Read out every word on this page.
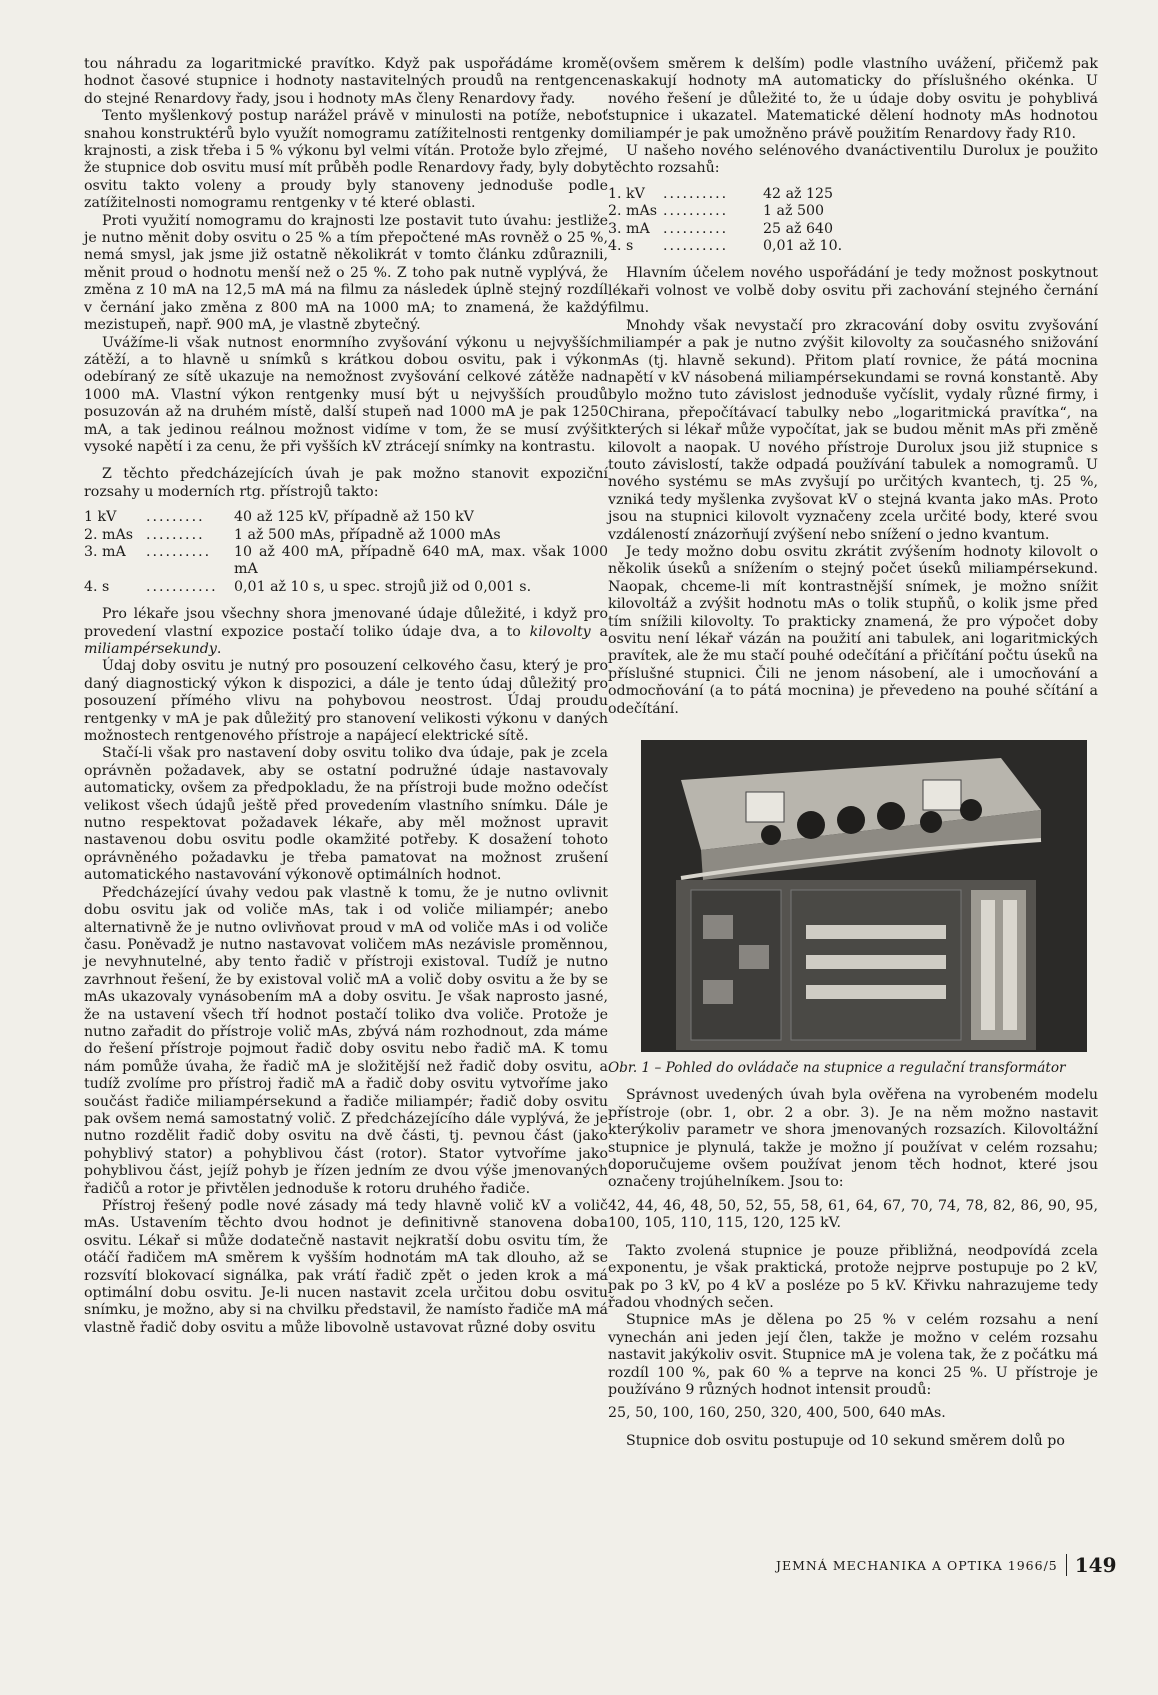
tou náhradu za logaritmické pravítko. Když pak uspořádáme kromě hodnot časové stupnice i hodnoty nastavitelných proudů na rentgence do stejné Renardovy řady, jsou i hodnoty mAs členy Renardovy řady.

Tento myšlenkový postup narážel právě v minulosti na potíže, neboť snahou konstruktérů bylo využít nomogramu zatížitelnosti rentgenky do krajnosti, a zisk třeba i 5 % výkonu byl velmi vítán. Protože bylo zřejmé, že stupnice dob osvitu musí mít průběh podle Renardovy řady, byly doby osvitu takto voleny a proudy byly stanoveny jednoduše podle zatížitelnosti nomogramu rentgenky v té které oblasti.

Proti využití nomogramu do krajnosti lze postavit tuto úvahu: jestliže je nutno měnit doby osvitu o 25 % a tím přepočtené mAs rovněž o 25 %, nemá smysl, jak jsme již ostatně několikrát v tomto článku zdůraznili, měnit proud o hodnotu menší než o 25 %. Z toho pak nutně vyplývá, že změna z 10 mA na 12,5 mA má na filmu za následek úplně stejný rozdíl v černání jako změna z 800 mA na 1000 mA; to znamená, že každý mezistupeň, např. 900 mA, je vlastně zbytečný.

Uvážíme-li však nutnost enormního zvyšování výkonu u nejvyšších zátěží, a to hlavně u snímků s krátkou dobou osvitu, pak i výkon odebíraný ze sítě ukazuje na nemožnost zvyšování celkové zátěže nad 1000 mA. Vlastní výkon rentgenky musí být u nejvyšších proudů posuzován až na druhém místě, další stupeň nad 1000 mA je pak 1250 mA, a tak jedinou reálnou možnost vidíme v tom, že se musí zvýšit vysoké napětí i za cenu, že při vyšších kV ztrácejí snímky na kontrastu.

Z těchto předcházejících úvah je pak možno stanovit expoziční rozsahy u moderních rtg. přístrojů takto:

1 kV	.........	40 až 125 kV, případně až 150 kV
2. mAs	.........	1 až 500 mAs, případně až 1000 mAs
3. mA	..........	10 až 400 mA, případně 640 mA, max. však 1000 mA
4. s	...........	0,01 až 10 s, u spec. strojů již od 0,001 s.

Pro lékaře jsou všechny shora jmenované údaje důležité, i když pro provedení vlastní expozice postačí toliko údaje dva, a to kilovolty a miliampérsekundy.

Údaj doby osvitu je nutný pro posouzení celkového času, který je pro daný diagnostický výkon k dispozici, a dále je tento údaj důležitý pro posouzení přímého vlivu na pohybovou neostrost. Údaj proudu rentgenky v mA je pak důležitý pro stanovení velikosti výkonu v daných možnostech rentgenového přístroje a napájecí elektrické sítě.

Stačí-li však pro nastavení doby osvitu toliko dva údaje, pak je zcela oprávněn požadavek, aby se ostatní podružné údaje nastavovaly automaticky, ovšem za předpokladu, že na přístroji bude možno odečíst velikost všech údajů ještě před provedením vlastního snímku. Dále je nutno respektovat požadavek lékaře, aby měl možnost upravit nastavenou dobu osvitu podle okamžité potřeby. K dosažení tohoto oprávněného požadavku je třeba pamatovat na možnost zrušení automatického nastavování výkonově optimálních hodnot.

Předcházející úvahy vedou pak vlastně k tomu, že je nutno ovlivnit dobu osvitu jak od voliče mAs, tak i od voliče miliampér; anebo alternativně že je nutno ovlivňovat proud v mA od voliče mAs i od voliče času. Poněvadž je nutno nastavovat voličem mAs nezávisle proměnnou, je nevyhnutelné, aby tento řadič v přístroji existoval. Tudíž je nutno zavrhnout řešení, že by existoval volič mA a volič doby osvitu a že by se mAs ukazovaly vynásobením mA a doby osvitu. Je však naprosto jasné, že na ustavení všech tří hodnot postačí toliko dva voliče. Protože je nutno zařadit do přístroje volič mAs, zbývá nám rozhodnout, zda máme do řešení přístroje pojmout řadič doby osvitu nebo řadič mA. K tomu nám pomůže úvaha, že řadič mA je složitější než řadič doby osvitu, a tudíž zvolíme pro přístroj řadič mA a řadič doby osvitu vytvoříme jako součást řadiče miliampérsekund a řadiče miliampér; řadič doby osvitu pak ovšem nemá samostatný volič. Z předcházejícího dále vyplývá, že je nutno rozdělit řadič doby osvitu na dvě části, tj. pevnou část (jako pohyblivý stator) a pohyblivou část (rotor). Stator vytvoříme jako pohyblivou část, jejíž pohyb je řízen jedním ze dvou výše jmenovaných řadičů a rotor je přivtělen jednoduše k rotoru druhého řadiče.

Přístroj řešený podle nové zásady má tedy hlavně volič kV a volič mAs. Ustavením těchto dvou hodnot je definitivně stanovena doba osvitu. Lékař si může dodatečně nastavit nejkratší dobu osvitu tím, že otáčí řadičem mA směrem k vyšším hodnotám mA tak dlouho, až se rozsvítí blokovací signálka, pak vrátí řadič zpět o jeden krok a má optimální dobu osvitu. Je-li nucen nastavit zcela určitou dobu osvitu snímku, je možno, aby si na chvilku představil, že namísto řadiče mA má vlastně řadič doby osvitu a může libovolně ustavovat různé doby osvitu

(ovšem směrem k delším) podle vlastního uvážení, přičemž pak naskakují hodnoty mA automaticky do příslušného okénka. U nového řešení je důležité to, že u údaje doby osvitu je pohyblivá stupnice i ukazatel. Matematické dělení hodnoty mAs hodnotou miliampér je pak umožněno právě použitím Renardovy řady R10.

U našeho nového selénového dvanáctiventilu Durolux je použito těchto rozsahů:

1. kV	..........	42 až 125
2. mAs	..........	1 až 500
3. mA	..........	25 až 640
4. s	..........	0,01 až 10.

Hlavním účelem nového uspořádání je tedy možnost poskytnout lékaři volnost ve volbě doby osvitu při zachování stejného černání filmu.

Mnohdy však nevystačí pro zkracování doby osvitu zvyšování miliampér a pak je nutno zvýšit kilovolty za současného snižování mAs (tj. hlavně sekund). Přitom platí rovnice, že pátá mocnina napětí v kV násobená miliampérsekundami se rovná konstantě. Aby bylo možno tuto závislost jednoduše vyčíslit, vydaly různé firmy, i Chirana, přepočítávací tabulky nebo „logaritmická pravítka“, na kterých si lékař může vypočítat, jak se budou měnit mAs při změně kilovolt a naopak. U nového přístroje Durolux jsou již stupnice s touto závislostí, takže odpadá používání tabulek a nomogramů. U nového systému se mAs zvyšují po určitých kvantech, tj. 25 %, vzniká tedy myšlenka zvyšovat kV o stejná kvanta jako mAs. Proto jsou na stupnici kilovolt vyznačeny zcela určité body, které svou vzdáleností znázorňují zvýšení nebo snížení o jedno kvantum.

Je tedy možno dobu osvitu zkrátit zvýšením hodnoty kilovolt o několik úseků a snížením o stejný počet úseků miliampérsekund. Naopak, chceme-li mít kontrastnější snímek, je možno snížit kilovoltáž a zvýšit hodnotu mAs o tolik stupňů, o kolik jsme před tím snížili kilovolty. To prakticky znamená, že pro výpočet doby osvitu není lékař vázán na použití ani tabulek, ani logaritmických pravítek, ale že mu stačí pouhé odečítání a přičítání počtu úseků na příslušné stupnici. Čili ne jenom násobení, ale i umocňování a odmocňování (a to pátá mocnina) je převedeno na pouhé sčítání a odečítání.

Obr. 1 – Pohled do ovládače na stupnice a regulační transformátor

Správnost uvedených úvah byla ověřena na vyrobeném modelu přístroje (obr. 1, obr. 2 a obr. 3). Je na něm možno nastavit kterýkoliv parametr ve shora jmenovaných rozsazích. Kilovoltážní stupnice je plynulá, takže je možno jí používat v celém rozsahu; doporučujeme ovšem používat jenom těch hodnot, které jsou označeny trojúhelníkem. Jsou to:

42, 44, 46, 48, 50, 52, 55, 58, 61, 64, 67, 70, 74, 78, 82, 86, 90, 95, 100, 105, 110, 115, 120, 125 kV.

Takto zvolená stupnice je pouze přibližná, neodpovídá zcela exponentu, je však praktická, protože nejprve postupuje po 2 kV, pak po 3 kV, po 4 kV a posléze po 5 kV. Křivku nahrazujeme tedy řadou vhodných sečen.

Stupnice mAs je dělena po 25 % v celém rozsahu a není vynechán ani jeden její člen, takže je možno v celém rozsahu nastavit jakýkoliv osvit. Stupnice mA je volena tak, že z počátku má rozdíl 100 %, pak 60 % a teprve na konci 25 %. U přístroje je používáno 9 různých hodnot intensit proudů:

25, 50, 100, 160, 250, 320, 400, 500, 640 mAs.

Stupnice dob osvitu postupuje od 10 sekund směrem dolů po

JEMNÁ MECHANIKA A OPTIKA 1966/5 149
